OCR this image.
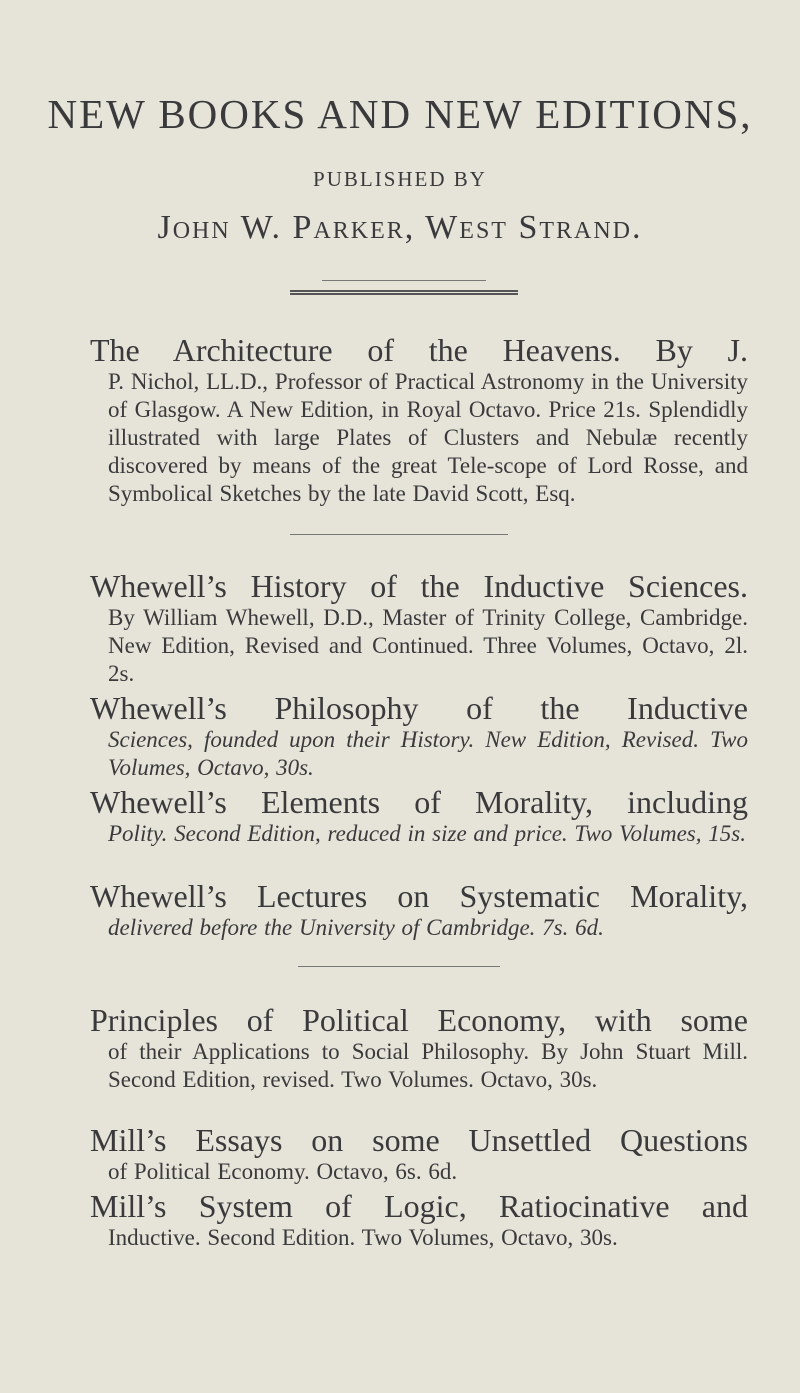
NEW BOOKS AND NEW EDITIONS,
PUBLISHED BY
John W. Parker, West Strand.
The Architecture of the Heavens. By J.
P. Nichol, LL.D., Professor of Practical Astronomy in the University of Glasgow. A New Edition, in Royal Octavo. Price 21s. Splendidly illustrated with large Plates of Clusters and Nebulæ recently discovered by means of the great Tele-scope of Lord Rosse, and Symbolical Sketches by the late David Scott, Esq.
Whewell’s History of the Inductive Sciences.
By William Whewell, D.D., Master of Trinity College, Cambridge. New Edition, Revised and Continued. Three Volumes, Octavo, 2l. 2s.
Whewell’s Philosophy of the Inductive
Sciences, founded upon their History. New Edition, Revised. Two Volumes, Octavo, 30s.
Whewell’s Elements of Morality, including
Polity. Second Edition, reduced in size and price. Two Volumes, 15s.
Whewell’s Lectures on Systematic Morality,
delivered before the University of Cambridge. 7s. 6d.
Principles of Political Economy, with some
of their Applications to Social Philosophy. By John Stuart Mill. Second Edition, revised. Two Volumes. Octavo, 30s.
Mill’s Essays on some Unsettled Questions
of Political Economy. Octavo, 6s. 6d.
Mill’s System of Logic, Ratiocinative and
Inductive. Second Edition. Two Volumes, Octavo, 30s.
